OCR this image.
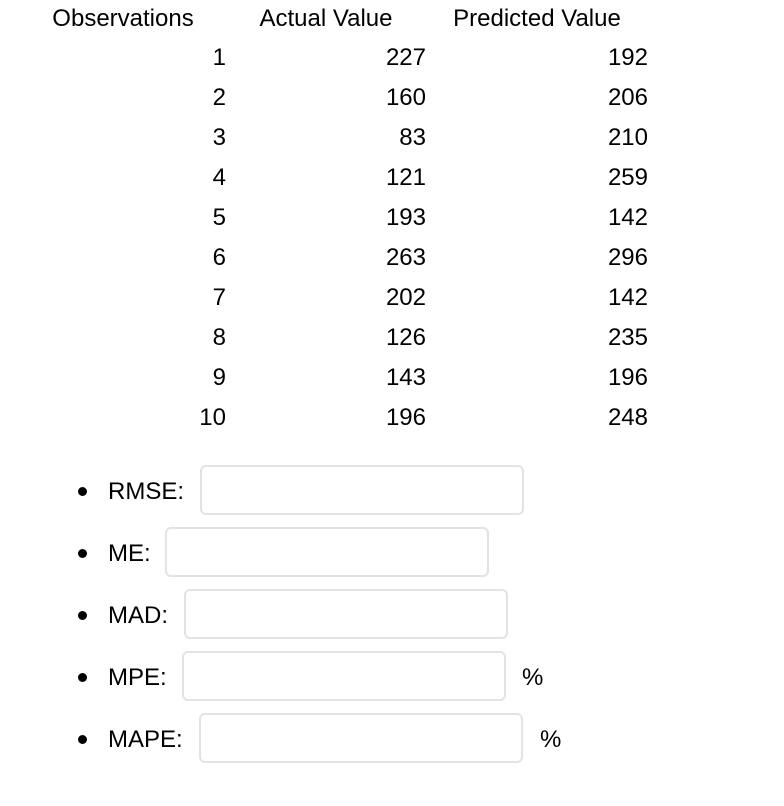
Observations	Actual Value	Predicted Value
1	227	192
2	160	206
3	83	210
4	121	259
5	193	142
6	263	296
7	202	142
8	126	235
9	143	196
10	196	248
RMSE:
ME:
MAD:
MPE:	%
MAPE:	%
